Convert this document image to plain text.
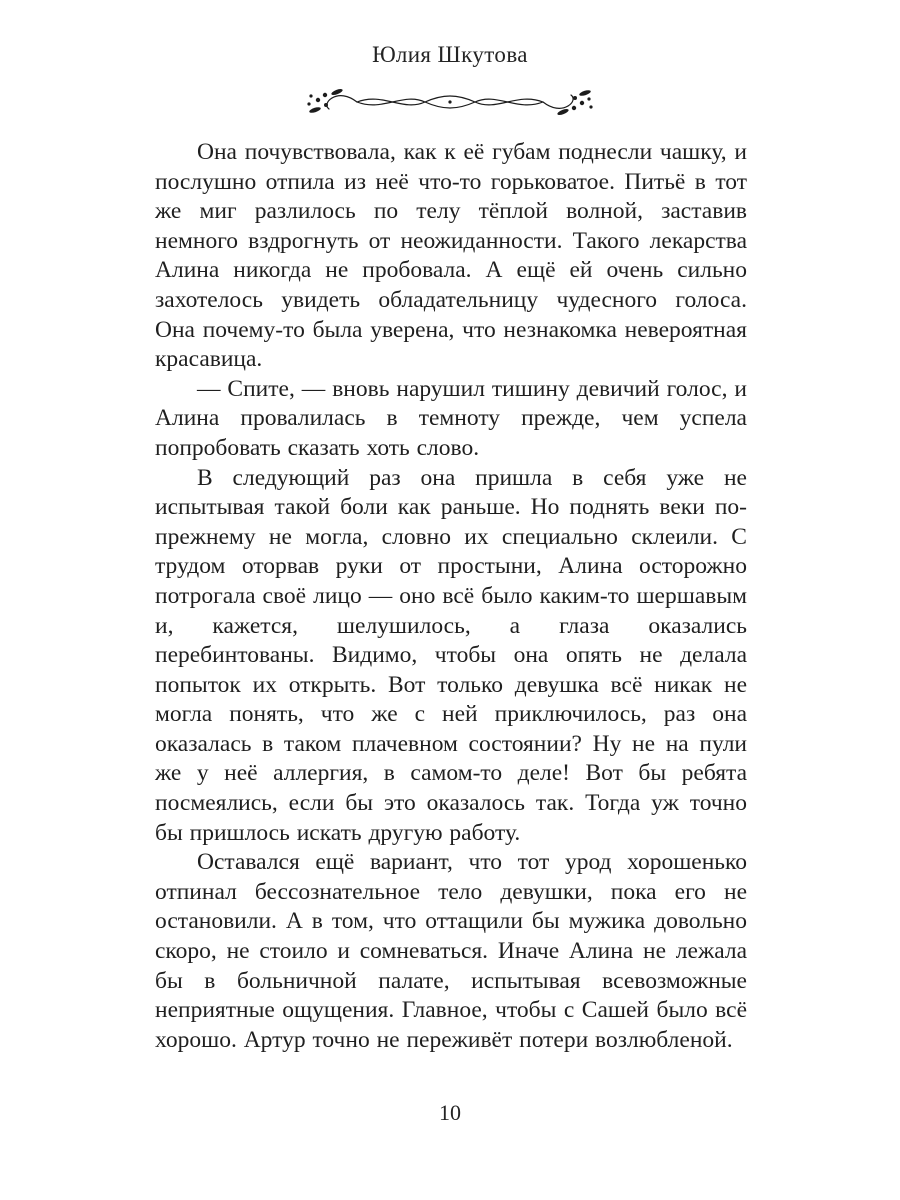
Юлия Шкутова

Она почувствовала, как к её губам поднесли чашку, и послушно отпила из неё что-то горьковатое. Питьё в тот же миг разлилось по телу тёплой волной, заставив немного вздрогнуть от неожиданности. Такого лекарства Алина никогда не пробовала. А ещё ей очень сильно захотелось увидеть обладательницу чудесного голоса. Она почему-то была уверена, что незнакомка невероятная красавица.

— Спите, — вновь нарушил тишину девичий голос, и Алина провалилась в темноту прежде, чем успела попробовать сказать хоть слово.

В следующий раз она пришла в себя уже не испытывая такой боли как раньше. Но поднять веки по-прежнему не могла, словно их специально склеили. С трудом оторвав руки от простыни, Алина осторожно потрогала своё лицо — оно всё было каким-то шершавым и, кажется, шелушилось, а глаза оказались перебинтованы. Видимо, чтобы она опять не делала попыток их открыть. Вот только девушка всё никак не могла понять, что же с ней приключилось, раз она оказалась в таком плачевном состоянии? Ну не на пули же у неё аллергия, в самом-то деле! Вот бы ребята посмеялись, если бы это оказалось так. Тогда уж точно бы пришлось искать другую работу.

Оставался ещё вариант, что тот урод хорошенько отпинал бессознательное тело девушки, пока его не остановили. А в том, что оттащили бы мужика довольно скоро, не стоило и сомневаться. Иначе Алина не лежала бы в больничной палате, испытывая всевозможные неприятные ощущения. Главное, чтобы с Сашей было всё хорошо. Артур точно не переживёт потери возлюбленой.

10
